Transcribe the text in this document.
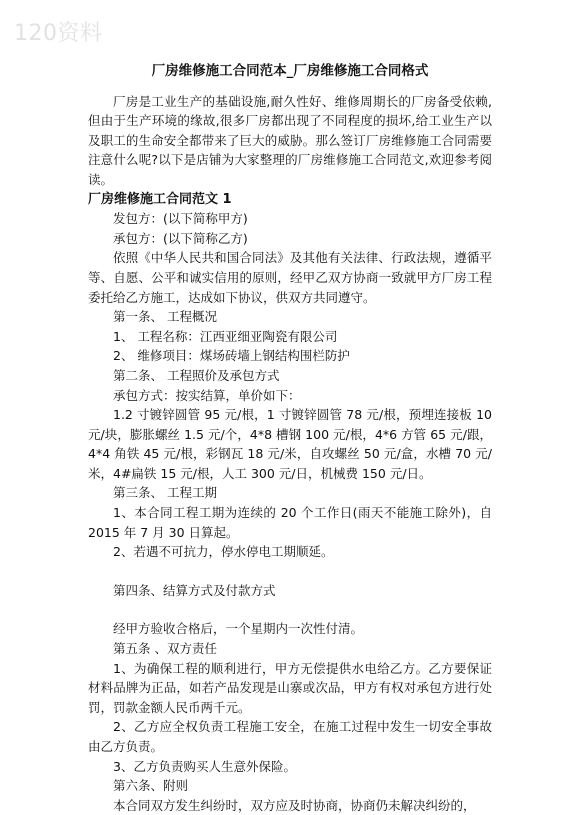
120资料

厂房维修施工合同范本_厂房维修施工合同格式

厂房是工业生产的基础设施,耐久性好、维修周期长的厂房备受依赖,但由于生产环境的缘故,很多厂房都出现了不同程度的损坏,给工业生产以及职工的生命安全都带来了巨大的威胁。那么签订厂房维修施工合同需要注意什么呢?以下是店铺为大家整理的厂房维修施工合同范文,欢迎参考阅读。

厂房维修施工合同范文 1

发包方：(以下简称甲方)

承包方：(以下简称乙方)

依照《中华人民共和国合同法》及其他有关法律、行政法规，遵循平等、自愿、公平和诚实信用的原则，经甲乙双方协商一致就甲方厂房工程委托给乙方施工，达成如下协议，供双方共同遵守。

第一条、 工程概况

1、 工程名称：江西亚细亚陶瓷有限公司

2、 维修项目：煤场砖墙上钢结构围栏防护

第二条、 工程照价及承包方式

承包方式：按实结算，单价如下：

1.2 寸镀锌圆管 95 元/根，1 寸镀锌圆管 78 元/根，预埋连接板 10 元/块，膨胀螺丝 1.5 元/个，4*8 槽钢 100 元/根，4*6 方管 65 元/跟，4*4 角铁 45 元/根，彩钢瓦 18 元/米，自攻螺丝 50 元/盒，水槽 70 元/米，4#扁铁 15 元/根，人工 300 元/日，机械费 150 元/日。

第三条、 工程工期

1、本合同工程工期为连续的 20 个工作日(雨天不能施工除外)，自 2015 年 7 月 30 日算起。

2、若遇不可抗力，停水停电工期顺延。

第四条、结算方式及付款方式

经甲方验收合格后，一个星期内一次性付清。

第五条 、双方责任

1、为确保工程的顺利进行，甲方无偿提供水电给乙方。乙方要保证材料品牌为正品，如若产品发现是山寨或次品，甲方有权对承包方进行处罚，罚款金额人民币两千元。

2、乙方应全权负责工程施工安全，在施工过程中发生一切安全事故由乙方负责。

3、乙方负责购买人生意外保险。

第六条、附则

本合同双方发生纠纷时，双方应及时协商，协商仍未解决纠纷的，
